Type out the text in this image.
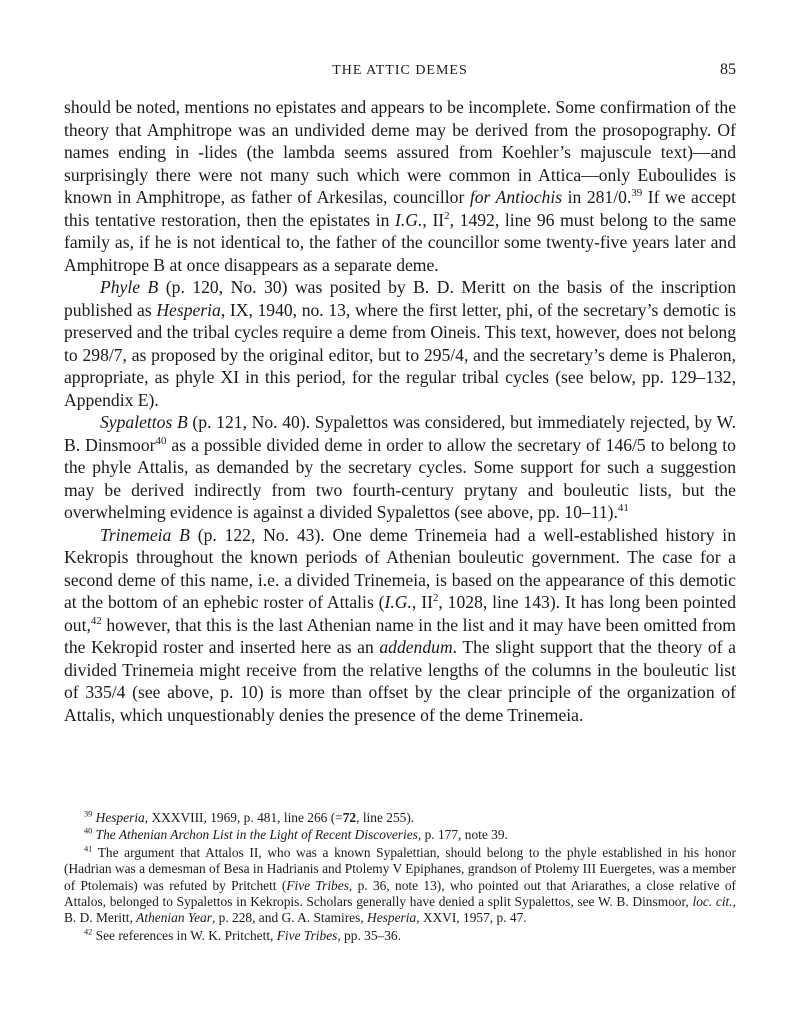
THE ATTIC DEMES	85

should be noted, mentions no epistates and appears to be incomplete. Some confirmation of the theory that Amphitrope was an undivided deme may be derived from the prosopography. Of names ending in -lides (the lambda seems assured from Koehler’s majuscule text)—and surprisingly there were not many such which were common in Attica—only Euboulides is known in Amphitrope, as father of Arkesilas, councillor for Antiochis in 281/0.39 If we accept this tentative restoration, then the epistates in I.G., $II^2$, 1492, line 96 must belong to the same family as, if he is not identical to, the father of the councillor some twenty-five years later and Amphitrope B at once disappears as a separate deme.

Phyle B (p. 120, No. 30) was posited by B. D. Meritt on the basis of the inscription published as Hesperia, IX, 1940, no. 13, where the first letter, phi, of the secretary’s demotic is preserved and the tribal cycles require a deme from Oineis. This text, however, does not belong to 298/7, as proposed by the original editor, but to 295/4, and the secretary’s deme is Phaleron, appropriate, as phyle XI in this period, for the regular tribal cycles (see below, pp. 129–132, Appendix E).

Sypalettos B (p. 121, No. 40). Sypalettos was considered, but immediately rejected, by W. B. Dinsmoor$^{40}$ as a possible divided deme in order to allow the secretary of 146/5 to belong to the phyle Attalis, as demanded by the secretary cycles. Some support for such a suggestion may be derived indirectly from two fourth-century prytany and bouleutic lists, but the overwhelming evidence is against a divided Sypalettos (see above, pp. 10–11).$^{41}$

Trinemeia B (p. 122, No. 43). One deme Trinemeia had a well-established history in Kekropis throughout the known periods of Athenian bouleutic government. The case for a second deme of this name, i.e. a divided Trinemeia, is based on the appearance of this demotic at the bottom of an ephebic roster of Attalis (I.G., $II^2$, 1028, line 143). It has long been pointed out,$^{42}$ however, that this is the last Athenian name in the list and it may have been omitted from the Kekropid roster and inserted here as an addendum. The slight support that the theory of a divided Trinemeia might receive from the relative lengths of the columns in the bouleutic list of 335/4 (see above, p. 10) is more than offset by the clear principle of the organization of Attalis, which unquestionably denies the presence of the deme Trinemeia.

$^{39}$ Hesperia, XXXVIII, 1969, p. 481, line 266 (=72, line 255).

$^{40}$ The Athenian Archon List in the Light of Recent Discoveries, p. 177, note 39.

$^{41}$ The argument that Attalos II, who was a known Sypalettian, should belong to the phyle established in his honor (Hadrian was a demesman of Besa in Hadrianis and Ptolemy V Epiphanes, grandson of Ptolemy III Euergetes, was a member of Ptolemais) was refuted by Pritchett (Five Tribes, p. 36, note 13), who pointed out that Ariarathes, a close relative of Attalos, belonged to Sypalettos in Kekropis. Scholars generally have denied a split Sypalettos, see W. B. Dinsmoor, loc. cit., B. D. Meritt, Athenian Year, p. 228, and G. A. Stamires, Hesperia, XXVI, 1957, p. 47.

$^{42}$ See references in W. K. Pritchett, Five Tribes, pp. 35–36.
